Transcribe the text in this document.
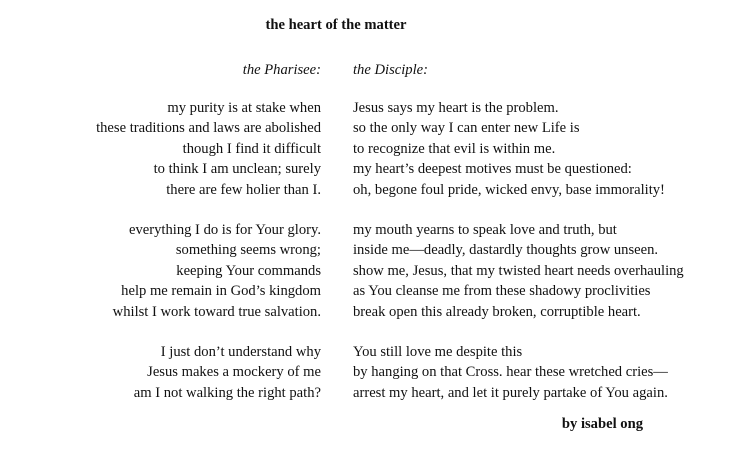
the heart of the matter
the Pharisee:
my purity is at stake when
these traditions and laws are abolished
though I find it difficult
to think I am unclean; surely
there are few holier than I.
everything I do is for Your glory.
something seems wrong;
keeping Your commands
help me remain in God’s kingdom
whilst I work toward true salvation.
I just don’t understand why
Jesus makes a mockery of me
am I not walking the right path?
the Disciple:
Jesus says my heart is the problem.
so the only way I can enter new Life is
to recognize that evil is within me.
my heart’s deepest motives must be questioned:
oh, begone foul pride, wicked envy, base immorality!
my mouth yearns to speak love and truth, but
inside me—deadly, dastardly thoughts grow unseen.
show me, Jesus, that my twisted heart needs overhauling
as You cleanse me from these shadowy proclivities
break open this already broken, corruptible heart.
You still love me despite this
by hanging on that Cross. hear these wretched cries—
arrest my heart, and let it purely partake of You again.
by isabel ong
